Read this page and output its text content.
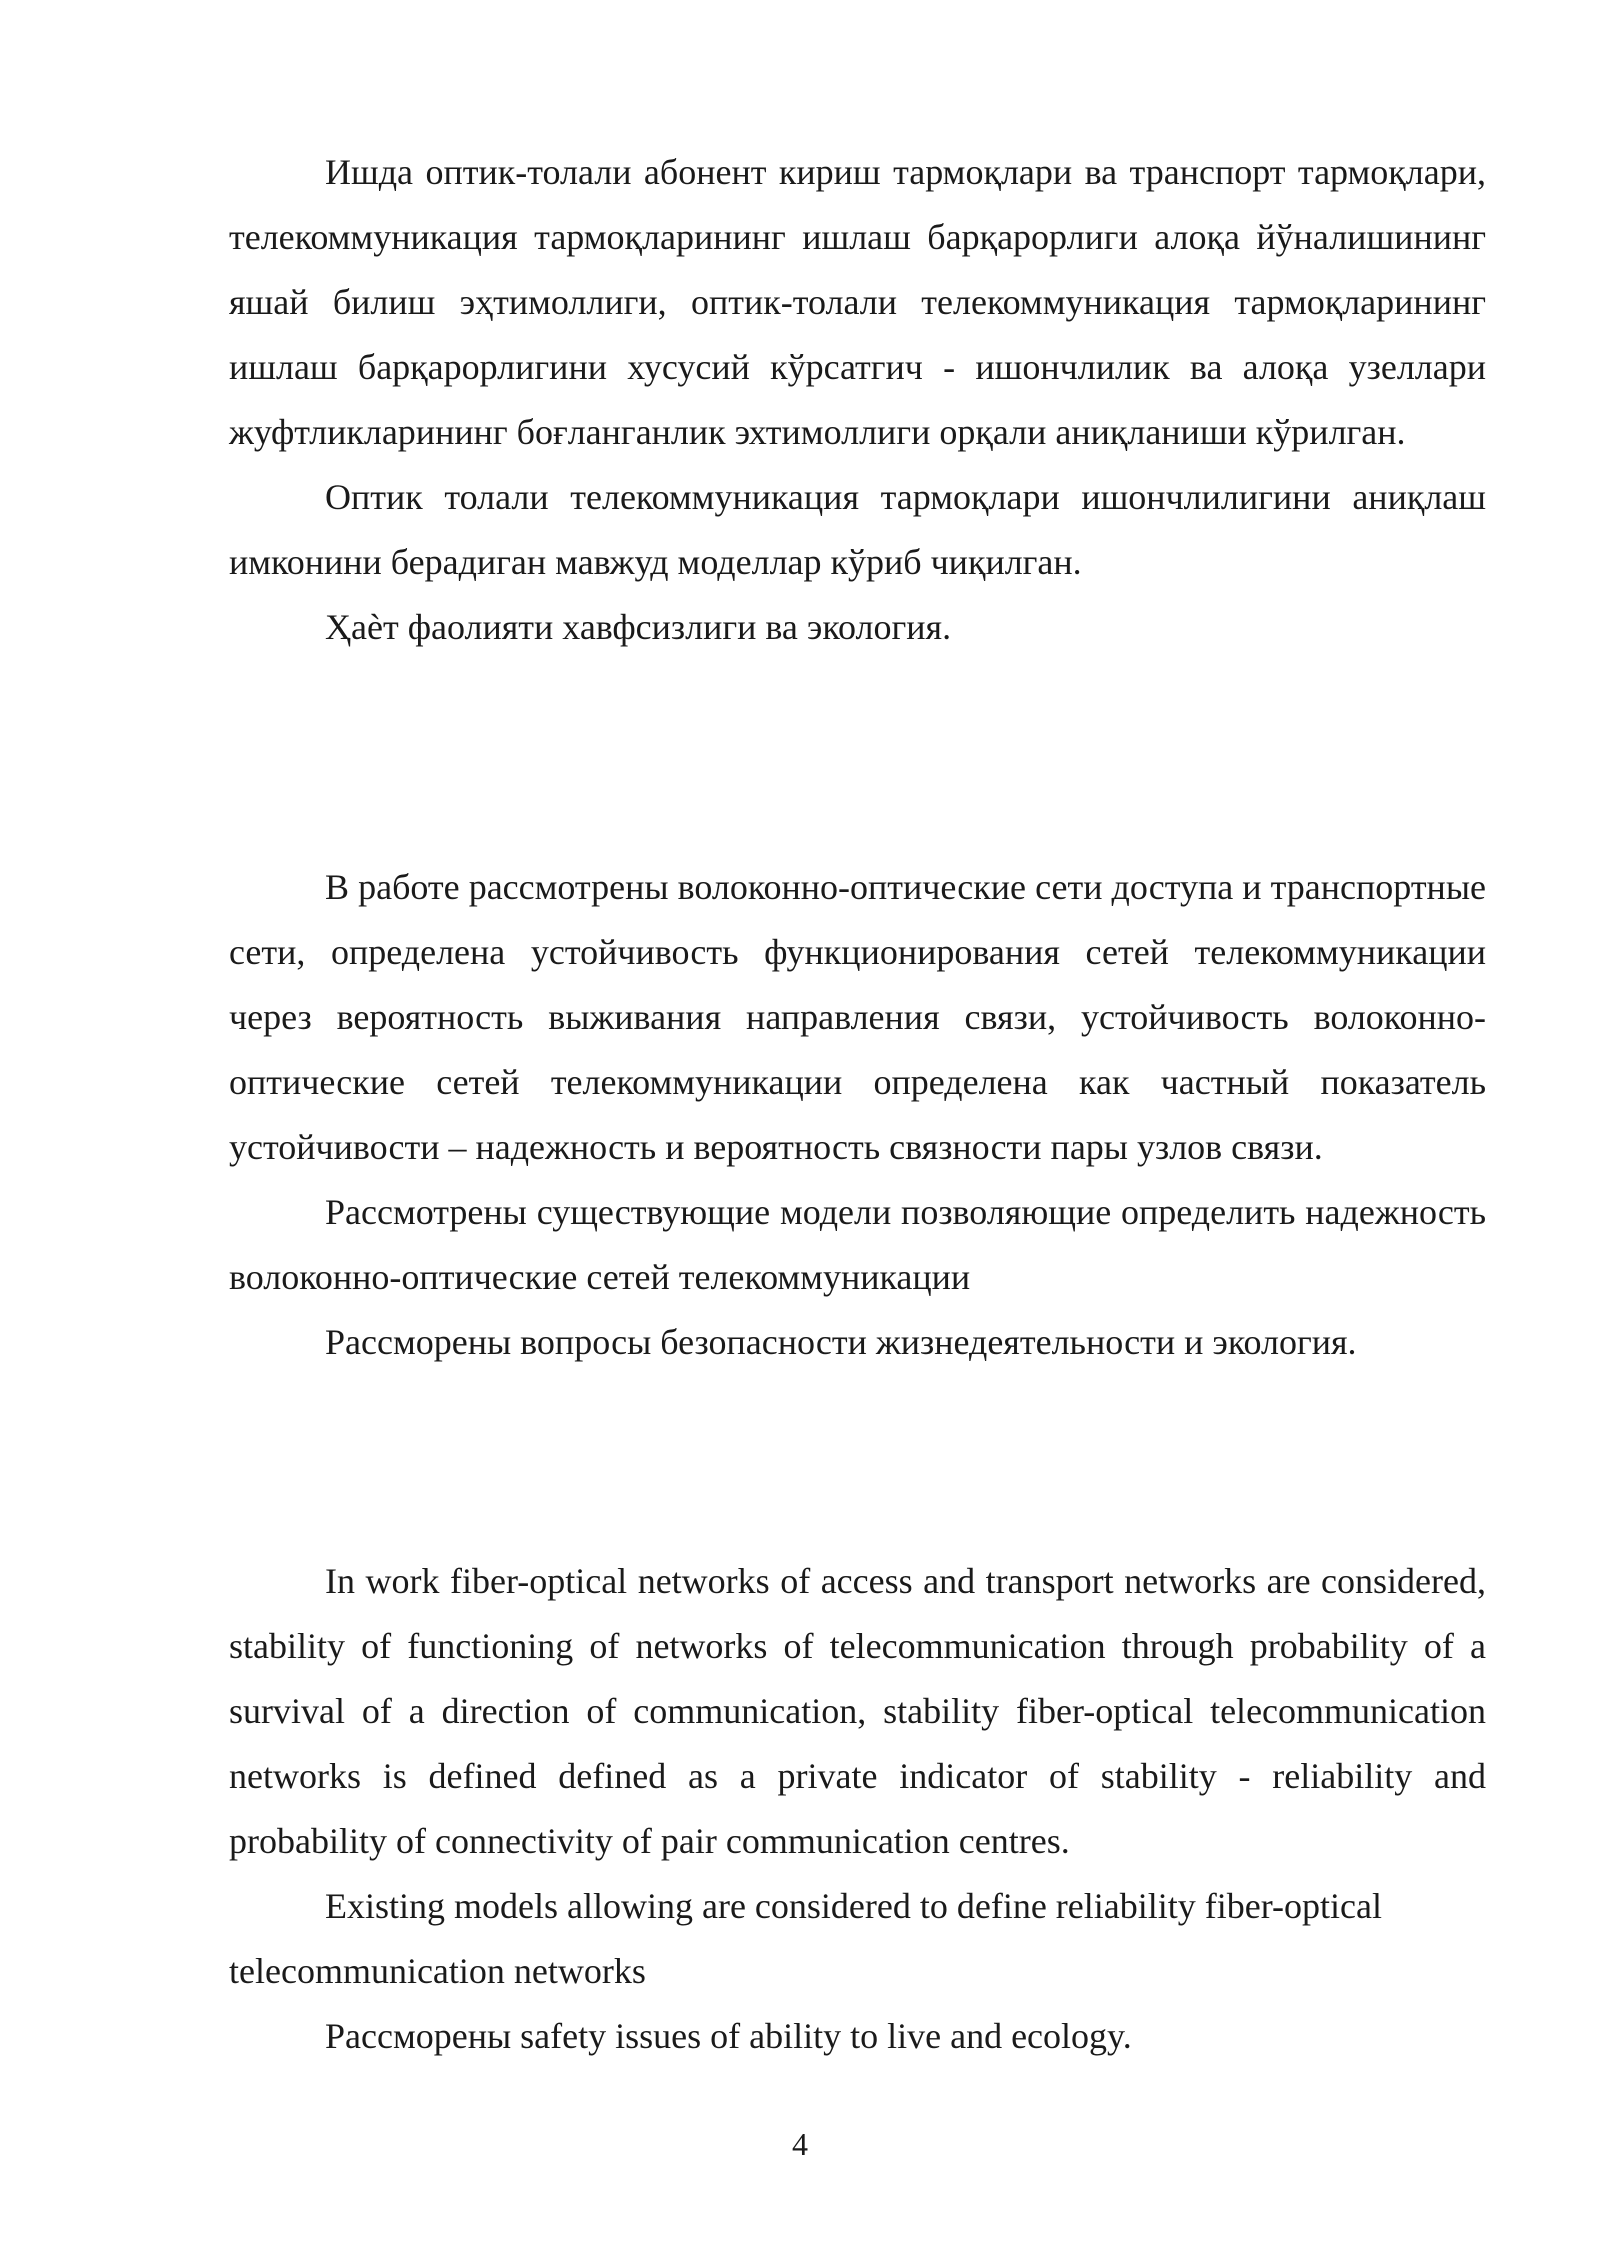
Ишда оптик-толали абонент кириш тармоқлари ва транспорт тармоқлари, телекоммуникация тармоқларининг ишлаш барқарорлиги алоқа йўналишининг яшай билиш эҳтимоллиги, оптик-толали телекоммуникация тармоқларининг ишлаш барқарорлигини хусусий кўрсатгич - ишончлилик ва алоқа узеллари жуфтликларининг боғланганлик эхтимоллиги орқали аниқланиши кўрилган.

Оптик толали телекоммуникация тармоқлари ишончлилигини аниқлаш имконини берадиган мавжуд моделлар кўриб чиқилган.

Ҳаѐт фаолияти хавфсизлиги ва экология.

В работе рассмотрены волоконно-оптические сети доступа и транспортные сети, определена устойчивость функционирования сетей телекоммуникации через вероятность выживания направления связи, устойчивость волоконно-оптические сетей телекоммуникации определена как частный показатель устойчивости – надежность и вероятность связности пары узлов связи.

Рассмотрены существующие модели позволяющие определить надежность волоконно-оптические сетей телекоммуникации

Рассморены вопросы безопасности жизнедеятельности и экология.

In work fiber-optical networks of access and transport networks are considered, stability of functioning of networks of telecommunication through probability of a survival of a direction of communication, stability fiber-optical telecommunication networks is defined defined as a private indicator of stability - reliability and probability of connectivity of pair communication centres.

Existing models allowing are considered to define reliability fiber-optical telecommunication networks

Рассморены safety issues of ability to live and ecology.

4
